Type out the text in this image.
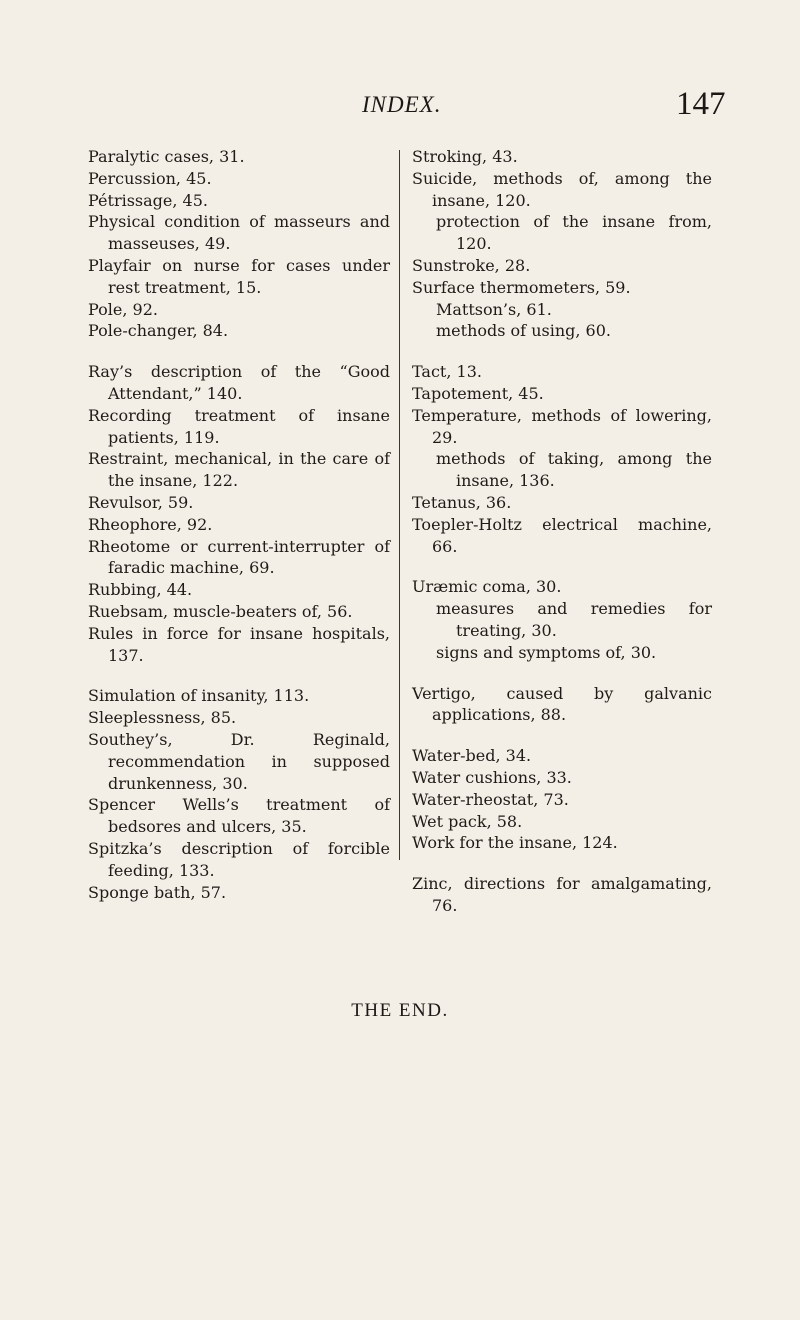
INDEX.	147

Paralytic cases, 31.

Percussion, 45.

Pétrissage, 45.

Physical condition of masseurs and masseuses, 49.

Playfair on nurse for cases under rest treatment, 15.

Pole, 92.

Pole-changer, 84.

Ray’s description of the “Good Attendant,” 140.

Recording treatment of insane patients, 119.

Restraint, mechanical, in the care of the insane, 122.

Revulsor, 59.

Rheophore, 92.

Rheotome or current-interrupter of faradic machine, 69.

Rubbing, 44.

Ruebsam, muscle-beaters of, 56.

Rules in force for insane hospitals, 137.

Simulation of insanity, 113.

Sleeplessness, 85.

Southey’s, Dr. Reginald, recommendation in supposed drunkenness, 30.

Spencer Wells’s treatment of bedsores and ulcers, 35.

Spitzka’s description of forcible feeding, 133.

Sponge bath, 57.

Stroking, 43.

Suicide, methods of, among the insane, 120.

protection of the insane from, 120.

Sunstroke, 28.

Surface thermometers, 59.

Mattson’s, 61.

methods of using, 60.

Tact, 13.

Tapotement, 45.

Temperature, methods of lowering, 29.

methods of taking, among the insane, 136.

Tetanus, 36.

Toepler-Holtz electrical machine, 66.

Uræmic coma, 30.

measures and remedies for treating, 30.

signs and symptoms of, 30.

Vertigo, caused by galvanic applications, 88.

Water-bed, 34.

Water cushions, 33.

Water-rheostat, 73.

Wet pack, 58.

Work for the insane, 124.

Zinc, directions for amalgamating, 76.

THE END.
